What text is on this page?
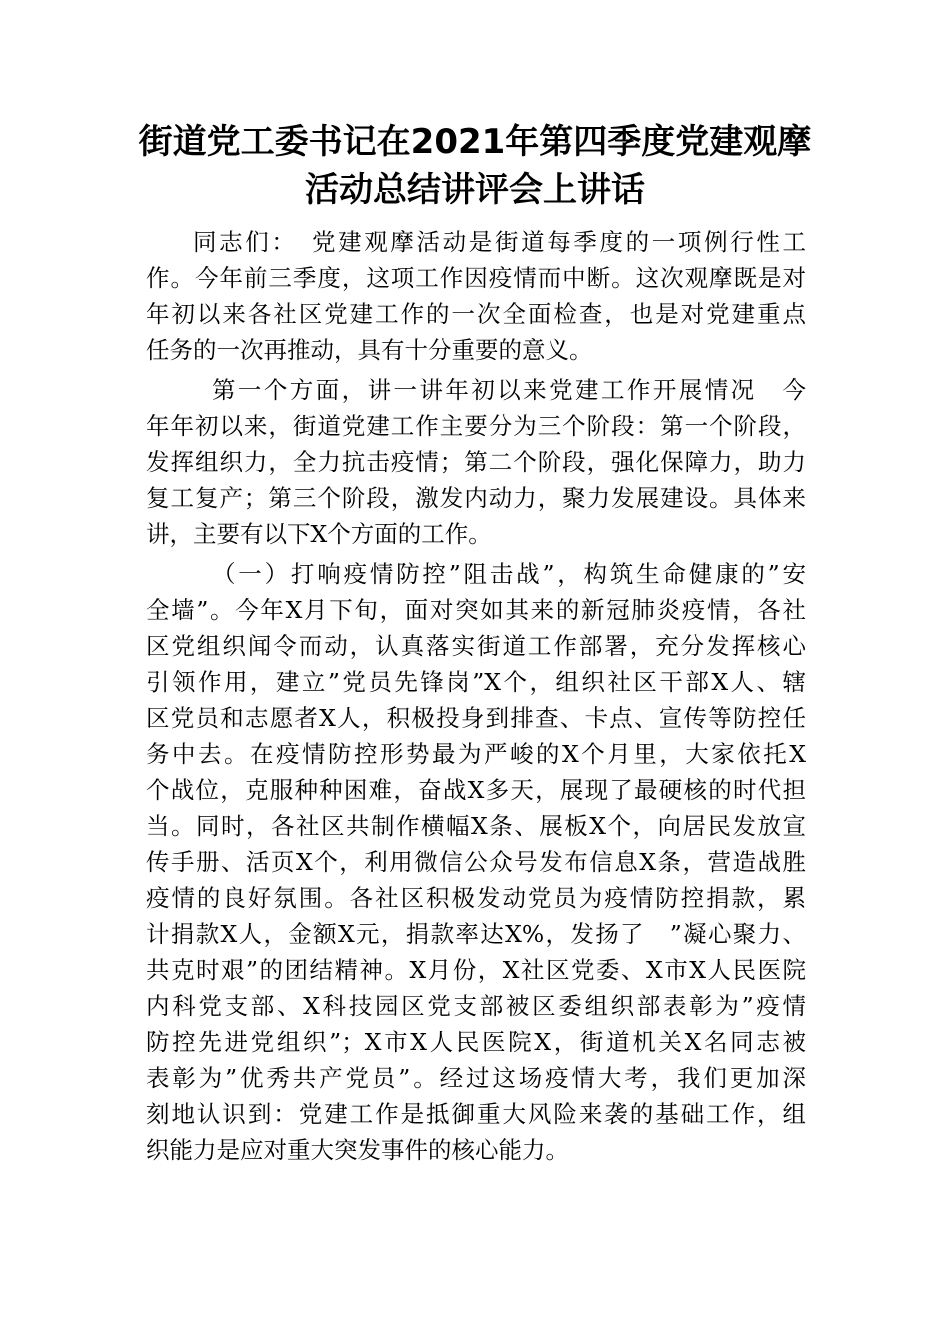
街道党工委书记在2021年第四季度党建观摩
活动总结讲评会上讲话
同志们：　党建观摩活动是街道每季度的一项例行性工
作。今年前三季度，这项工作因疫情而中断。这次观摩既是对
年初以来各社区党建工作的一次全面检查，也是对党建重点
任务的一次再推动，具有十分重要的意义。
第一个方面，讲一讲年初以来党建工作开展情况　今
年年初以来，街道党建工作主要分为三个阶段：第一个阶段，
发挥组织力，全力抗击疫情；第二个阶段，强化保障力，助力
复工复产；第三个阶段，激发内动力，聚力发展建设。具体来
讲，主要有以下X个方面的工作。
（一）打响疫情防控”阻击战”，构筑生命健康的”安
全墙”。今年X月下旬，面对突如其来的新冠肺炎疫情，各社
区党组织闻令而动，认真落实街道工作部署，充分发挥核心
引领作用，建立”党员先锋岗”X个，组织社区干部X人、辖
区党员和志愿者X人，积极投身到排查、卡点、宣传等防控任
务中去。在疫情防控形势最为严峻的X个月里，大家依托X
个战位，克服种种困难，奋战X多天，展现了最硬核的时代担
当。同时，各社区共制作横幅X条、展板X个，向居民发放宣
传手册、活页X个，利用微信公众号发布信息X条，营造战胜
疫情的良好氛围。各社区积极发动党员为疫情防控捐款，累
计捐款X人，金额X元，捐款率达X%，发扬了　”凝心聚力、
共克时艰”的团结精神。X月份，X社区党委、X市X人民医院
内科党支部、X科技园区党支部被区委组织部表彰为”疫情
防控先进党组织”；X市X人民医院X，街道机关X名同志被
表彰为”优秀共产党员”。经过这场疫情大考，我们更加深
刻地认识到：党建工作是抵御重大风险来袭的基础工作，组
织能力是应对重大突发事件的核心能力。
